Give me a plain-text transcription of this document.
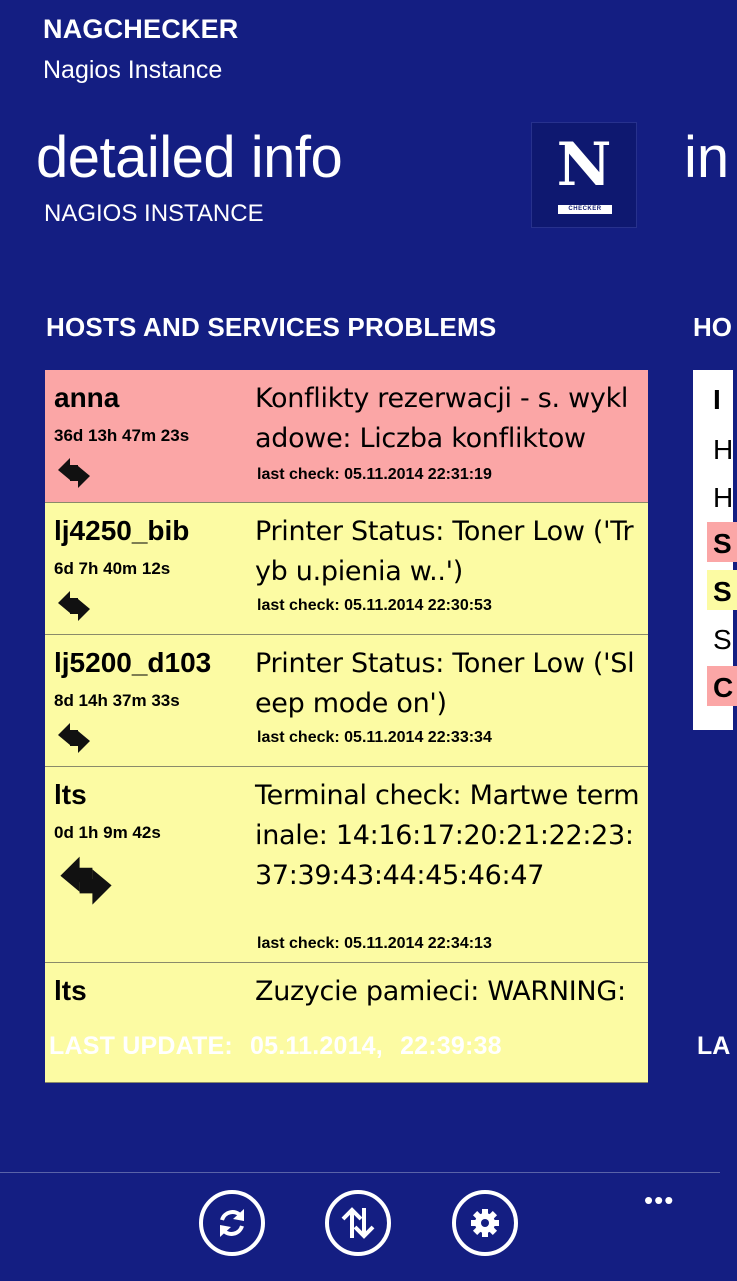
NAGCHECKER
Nagios Instance
detailed info
NAGIOS INSTANCE
N
CHECKER
in
HOSTS AND SERVICES PROBLEMS	HO
anna
36d 13h 47m 23s
Konflikty rezerwacji - s. wykladowe: Liczba konfliktow
last check: 05.11.2014 22:31:19
lj4250_bib
6d 7h 40m 12s
Printer Status: Toner Low ('Tryb u.pienia w..')
last check: 05.11.2014 22:30:53
lj5200_d103
8d 14h 37m 33s
Printer Status: Toner Low ('Sleep mode on')
last check: 05.11.2014 22:33:34
lts
0d 1h 9m 42s
Terminal check: Martwe terminale: 14:16:17:20:21:22:23:37:39:43:44:45:46:47
last check: 05.11.2014 22:34:13
lts	Zuzycie pamieci: WARNING:
I
H
H
S
S
S
C
LAST UPDATE: 05.11.2014, 22:39:38	LA
•••
